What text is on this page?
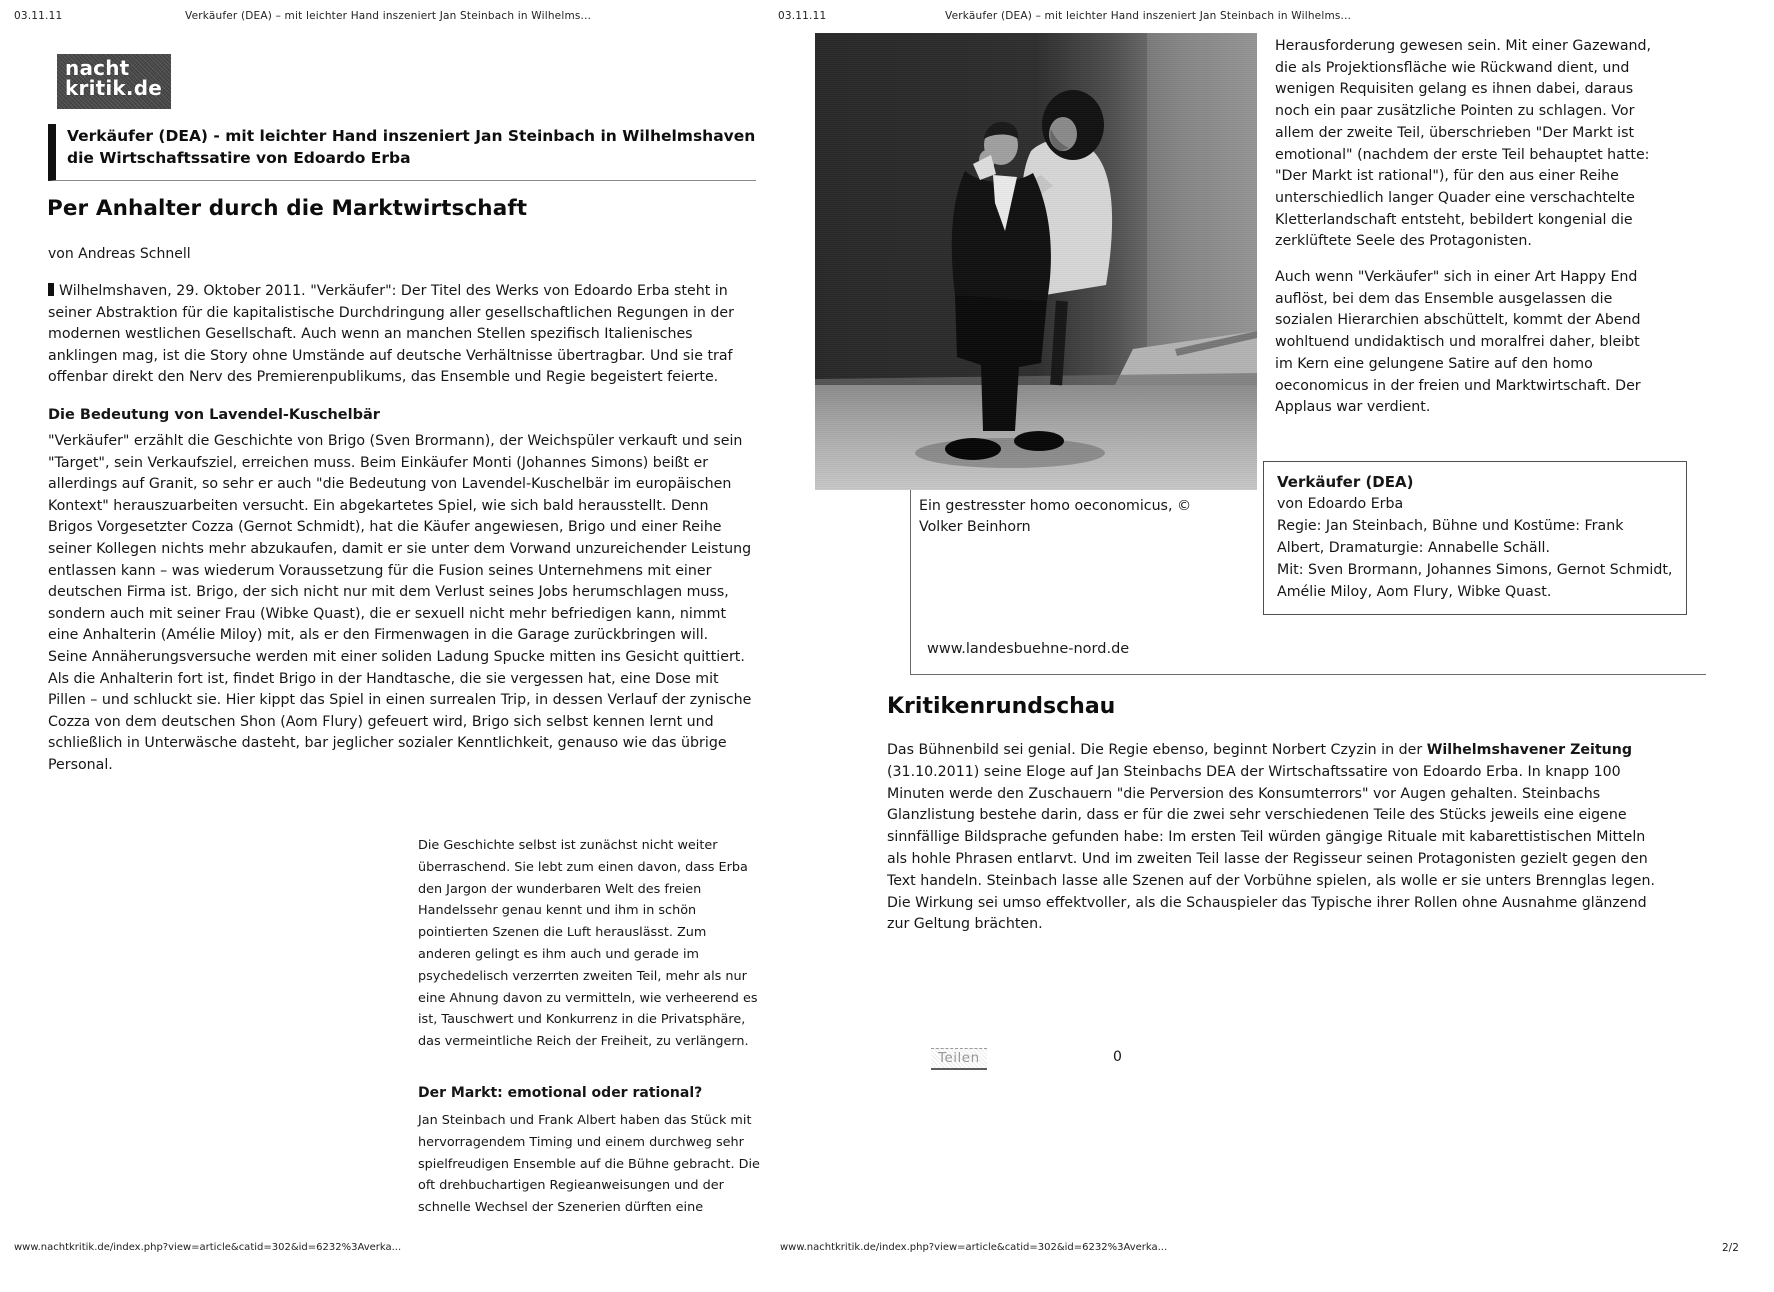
03.11.11	Verkäufer (DEA) – mit leichter Hand inszeniert Jan Steinbach in Wilhelms...
nacht
kritik.de
Verkäufer (DEA) - mit leichter Hand inszeniert Jan Steinbach in Wilhelmshaven die Wirtschaftssatire von Edoardo Erba
Per Anhalter durch die Marktwirtschaft
von Andreas Schnell

Wilhelmshaven, 29. Oktober 2011. "Verkäufer": Der Titel des Werks von Edoardo Erba steht in seiner Abstraktion für die kapitalistische Durchdringung aller gesellschaftlichen Regungen in der modernen westlichen Gesellschaft. Auch wenn an manchen Stellen spezifisch Italienisches anklingen mag, ist die Story ohne Umstände auf deutsche Verhältnisse übertragbar. Und sie traf offenbar direkt den Nerv des Premierenpublikums, das Ensemble und Regie begeistert feierte.

Die Bedeutung von Lavendel-Kuschelbär

"Verkäufer" erzählt die Geschichte von Brigo (Sven Brormann), der Weichspüler verkauft und sein "Target", sein Verkaufsziel, erreichen muss. Beim Einkäufer Monti (Johannes Simons) beißt er allerdings auf Granit, so sehr er auch "die Bedeutung von Lavendel-Kuschelbär im europäischen Kontext" herauszuarbeiten versucht. Ein abgekartetes Spiel, wie sich bald herausstellt. Denn Brigos Vorgesetzter Cozza (Gernot Schmidt), hat die Käufer angewiesen, Brigo und einer Reihe seiner Kollegen nichts mehr abzukaufen, damit er sie unter dem Vorwand unzureichender Leistung entlassen kann – was wiederum Voraussetzung für die Fusion seines Unternehmens mit einer deutschen Firma ist. Brigo, der sich nicht nur mit dem Verlust seines Jobs herumschlagen muss, sondern auch mit seiner Frau (Wibke Quast), die er sexuell nicht mehr befriedigen kann, nimmt eine Anhalterin (Amélie Miloy) mit, als er den Firmenwagen in die Garage zurückbringen will. Seine Annäherungsversuche werden mit einer soliden Ladung Spucke mitten ins Gesicht quittiert. Als die Anhalterin fort ist, findet Brigo in der Handtasche, die sie vergessen hat, eine Dose mit Pillen – und schluckt sie. Hier kippt das Spiel in einen surrealen Trip, in dessen Verlauf der zynische Cozza von dem deutschen Shon (Aom Flury) gefeuert wird, Brigo sich selbst kennen lernt und schließlich in Unterwäsche dasteht, bar jeglicher sozialer Kenntlichkeit, genauso wie das übrige Personal.

Die Geschichte selbst ist zunächst nicht weiter überraschend. Sie lebt zum einen davon, dass Erba den Jargon der wunderbaren Welt des freien Handelssehr genau kennt und ihm in schön pointierten Szenen die Luft herauslässt. Zum anderen gelingt es ihm auch und gerade im psychedelisch verzerrten zweiten Teil, mehr als nur eine Ahnung davon zu vermitteln, wie verheerend es ist, Tauschwert und Konkurrenz in die Privatsphäre, das vermeintliche Reich der Freiheit, zu verlängern.

Der Markt: emotional oder rational?

Jan Steinbach und Frank Albert haben das Stück mit hervorragendem Timing und einem durchweg sehr spielfreudigen Ensemble auf die Bühne gebracht. Die oft drehbuchartigen Regieanweisungen und der schnelle Wechsel der Szenerien dürften eine

www.nachtkritik.de/index.php?view=article&catid=302&id=6232%3Averka...
03.11.11	Verkäufer (DEA) – mit leichter Hand inszeniert Jan Steinbach in Wilhelms...
Ein gestresster homo oeconomicus, © Volker Beinhorn
www.landesbuehne-nord.de
Verkäufer (DEA)
von Edoardo Erba
Regie: Jan Steinbach, Bühne und Kostüme: Frank Albert, Dramaturgie: Annabelle Schäll.
Mit: Sven Brormann, Johannes Simons, Gernot Schmidt, Amélie Miloy, Aom Flury, Wibke Quast.

Herausforderung gewesen sein. Mit einer Gazewand, die als Projektionsfläche wie Rückwand dient, und wenigen Requisiten gelang es ihnen dabei, daraus noch ein paar zusätzliche Pointen zu schlagen. Vor allem der zweite Teil, überschrieben "Der Markt ist emotional" (nachdem der erste Teil behauptet hatte: "Der Markt ist rational"), für den aus einer Reihe unterschiedlich langer Quader eine verschachtelte Kletterlandschaft entsteht, bebildert kongenial die zerklüftete Seele des Protagonisten.

Auch wenn "Verkäufer" sich in einer Art Happy End auflöst, bei dem das Ensemble ausgelassen die sozialen Hierarchien abschüttelt, kommt der Abend wohltuend undidaktisch und moralfrei daher, bleibt im Kern eine gelungene Satire auf den homo oeconomicus in der freien und Marktwirtschaft. Der Applaus war verdient.

Kritikenrundschau

Das Bühnenbild sei genial. Die Regie ebenso, beginnt Norbert Czyzin in der Wilhelmshavener Zeitung (31.10.2011) seine Eloge auf Jan Steinbachs DEA der Wirtschaftssatire von Edoardo Erba. In knapp 100 Minuten werde den Zuschauern "die Perversion des Konsumterrors" vor Augen gehalten. Steinbachs Glanzlistung bestehe darin, dass er für die zwei sehr verschiedenen Teile des Stücks jeweils eine eigene sinnfällige Bildsprache gefunden habe: Im ersten Teil würden gängige Rituale mit kabarettistischen Mitteln als hohle Phrasen entlarvt. Und im zweiten Teil lasse der Regisseur seinen Protagonisten gezielt gegen den Text handeln. Steinbach lasse alle Szenen auf der Vorbühne spielen, als wolle er sie unters Brennglas legen. Die Wirkung sei umso effektvoller, als die Schauspieler das Typische ihrer Rollen ohne Ausnahme glänzend zur Geltung brächten.

Teilen	0
www.nachtkritik.de/index.php?view=article&catid=302&id=6232%3Averka...	2/2
